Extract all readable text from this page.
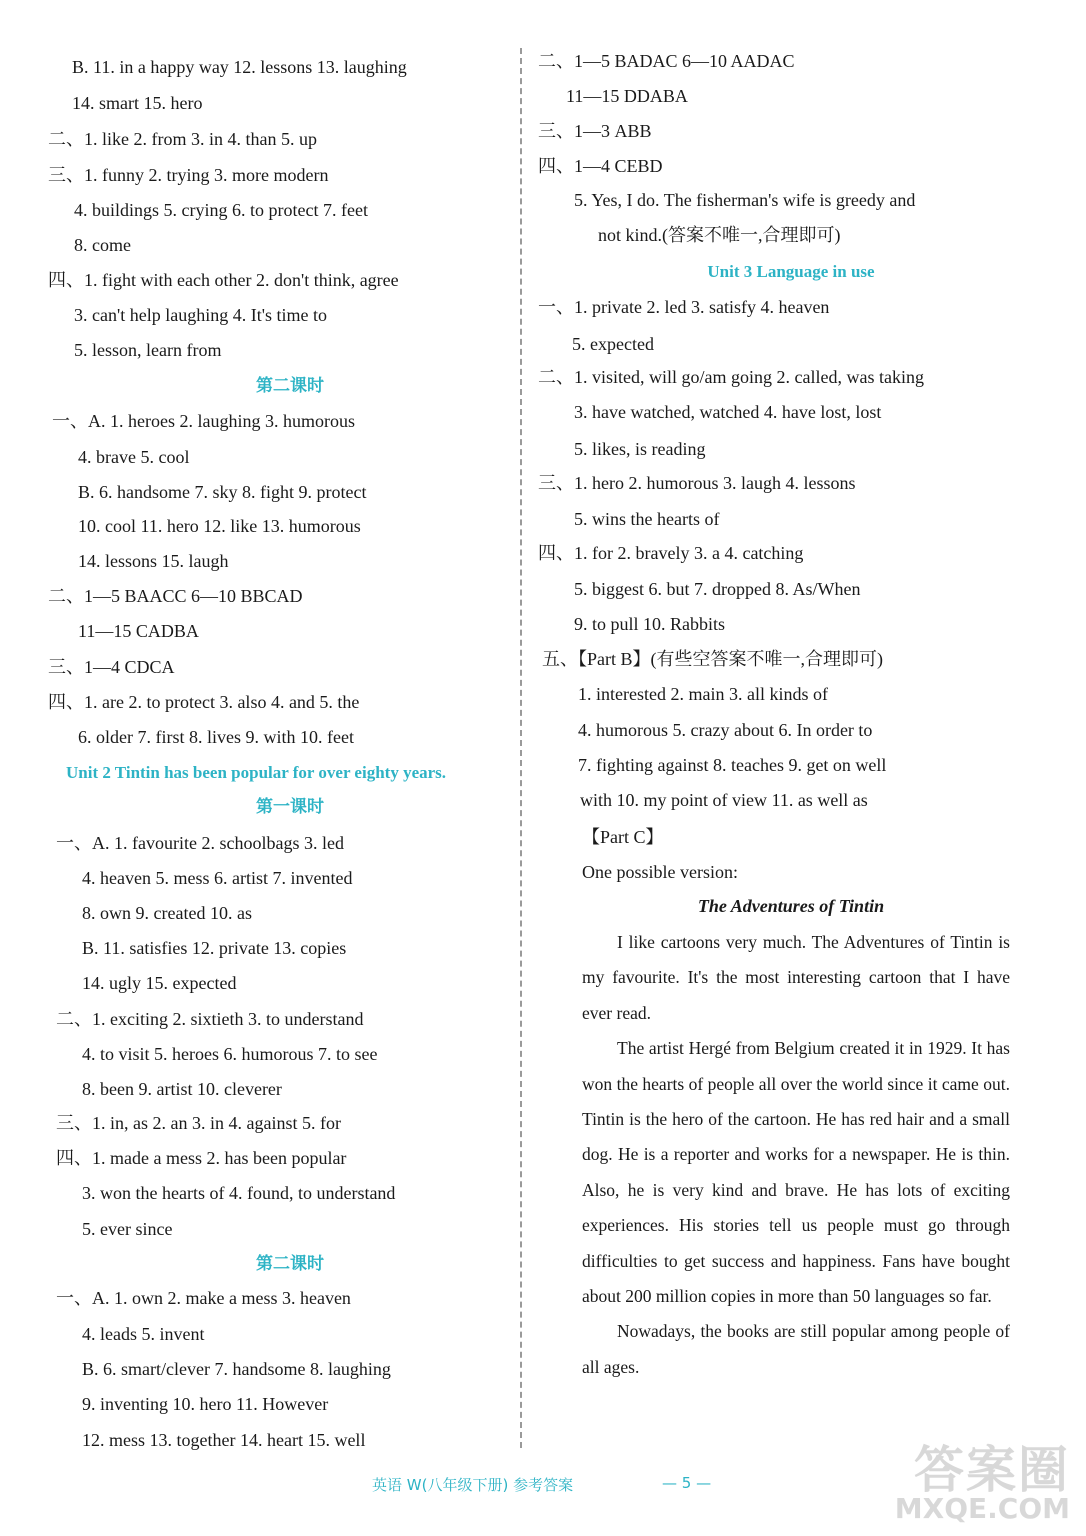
B. 11. in a happy way 12. lessons 13. laughing
14. smart 15. hero
二、1. like 2. from 3. in 4. than 5. up
三、1. funny 2. trying 3. more modern
4. buildings 5. crying 6. to protect 7. feet
8. come
四、1. fight with each other 2. don't think, agree
3. can't help laughing 4. It's time to
5. lesson, learn from
第二课时
一、A. 1. heroes 2. laughing 3. humorous
4. brave 5. cool
B. 6. handsome 7. sky 8. fight 9. protect
10. cool 11. hero 12. like 13. humorous
14. lessons 15. laugh
二、1—5 BAACC 6—10 BBCAD
11—15 CADBA
三、1—4 CDCA
四、1. are 2. to protect 3. also 4. and 5. the
6. older 7. first 8. lives 9. with 10. feet
Unit 2 Tintin has been popular for over eighty years.
第一课时
一、A. 1. favourite 2. schoolbags 3. led
4. heaven 5. mess 6. artist 7. invented
8. own 9. created 10. as
B. 11. satisfies 12. private 13. copies
14. ugly 15. expected
二、1. exciting 2. sixtieth 3. to understand
4. to visit 5. heroes 6. humorous 7. to see
8. been 9. artist 10. cleverer
三、1. in, as 2. an 3. in 4. against 5. for
四、1. made a mess 2. has been popular
3. won the hearts of 4. found, to understand
5. ever since
第二课时
一、A. 1. own 2. make a mess 3. heaven
4. leads 5. invent
B. 6. smart/clever 7. handsome 8. laughing
9. inventing 10. hero 11. However
12. mess 13. together 14. heart 15. well
二、1—5 BADAC 6—10 AADAC
11—15 DDABA
三、1—3 ABB
四、1—4 CEBD
5. Yes, I do. The fisherman's wife is greedy and
not kind.(答案不唯一,合理即可)
Unit 3 Language in use
一、1. private 2. led 3. satisfy 4. heaven
5. expected
二、1. visited, will go/am going 2. called, was taking
3. have watched, watched 4. have lost, lost
5. likes, is reading
三、1. hero 2. humorous 3. laugh 4. lessons
5. wins the hearts of
四、1. for 2. bravely 3. a 4. catching
5. biggest 6. but 7. dropped 8. As/When
9. to pull 10. Rabbits
五、【Part B】(有些空答案不唯一,合理即可)
1. interested 2. main 3. all kinds of
4. humorous 5. crazy about 6. In order to
7. fighting against 8. teaches 9. get on well
with 10. my point of view 11. as well as
【Part C】
One possible version:
The Adventures of Tintin

I like cartoons very much. The Adventures of Tintin is my favourite. It's the most interesting cartoon that I have ever read.

The artist Hergé from Belgium created it in 1929. It has won the hearts of people all over the world since it came out. Tintin is the hero of the cartoon. He has red hair and a small dog. He is a reporter and works for a newspaper. He is thin. Also, he is very kind and brave. He has lots of exciting experiences. His stories tell us people must go through difficulties to get success and happiness. Fans have bought about 200 million copies in more than 50 languages so far.

Nowadays, the books are still popular among people of all ages.

英语 W(八年级下册) 参考答案	— 5 —	答案圈
MXQE.COM
